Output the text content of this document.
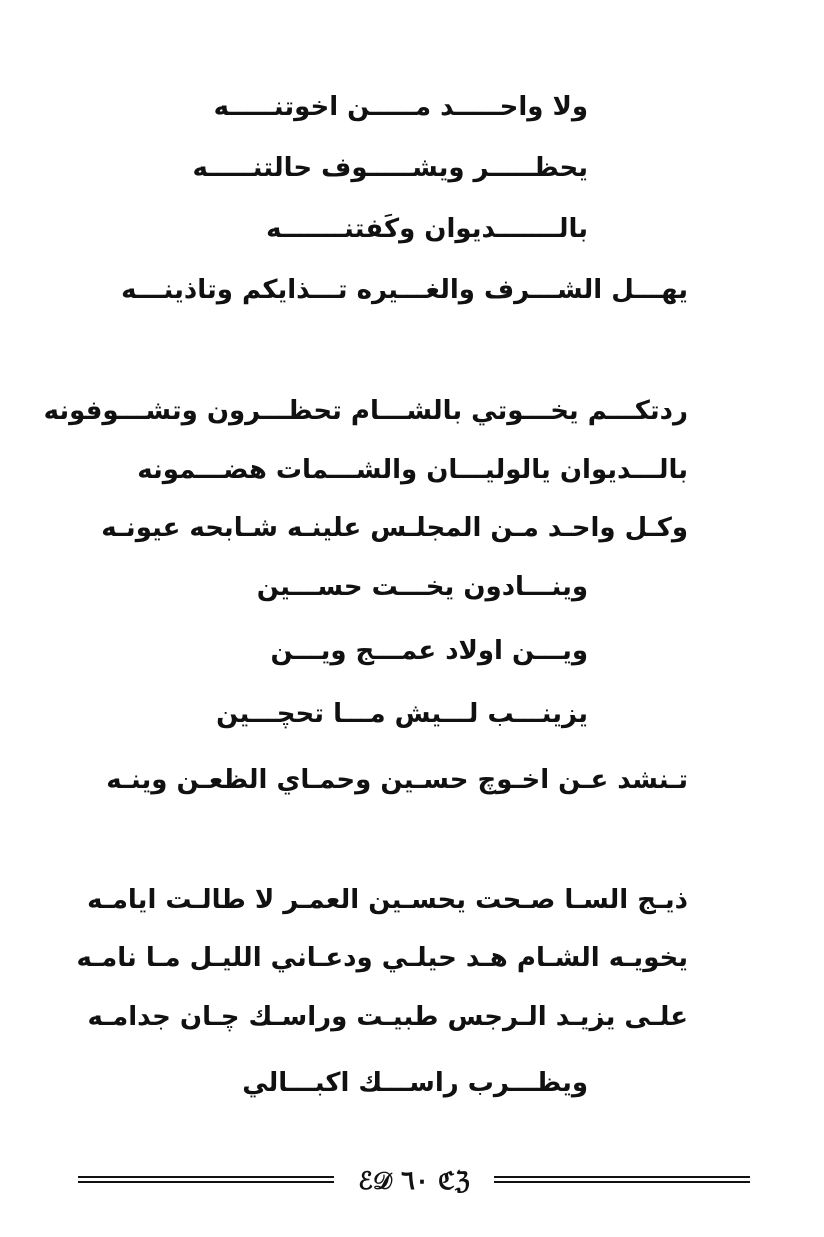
ولا واحـــــد مـــــن اخوتنـــــه
يحظـــــر ويشـــــوف حالتنـــــه
بالـــــــديوان وكَفتنـــــــه
يهـــل الشـــرف والغـــيره تـــذايكم وتاذينـــه
ردتكـــم يخـــوتي بالشـــام تحظـــرون وتشـــوفونه
بالـــديوان يالوليـــان والشـــمات هضـــمونه
وكـل واحـد مـن المجلـس علينـه شـابحه عيونـه
وينـــادون يخـــت حســـين
ويـــن اولاد عمـــج ويـــن
يزينـــب لـــيش مـــا تحچـــين
تـنشد عـن اخـوچ حسـين وحمـاي الظعـن وينـه
ذيـج السـا صـحت يحسـين العمـر لا طالـت ايامـه
يخويـه الشـام هـد حيلـي ودعـاني الليـل مـا نامـه
علـى يزيـد الـرجس طبيـت وراسـك چـان جدامـه
ويظـــرب راســـك اكبـــالي
ℰ𝒟 ٦٠ ℭℨ
